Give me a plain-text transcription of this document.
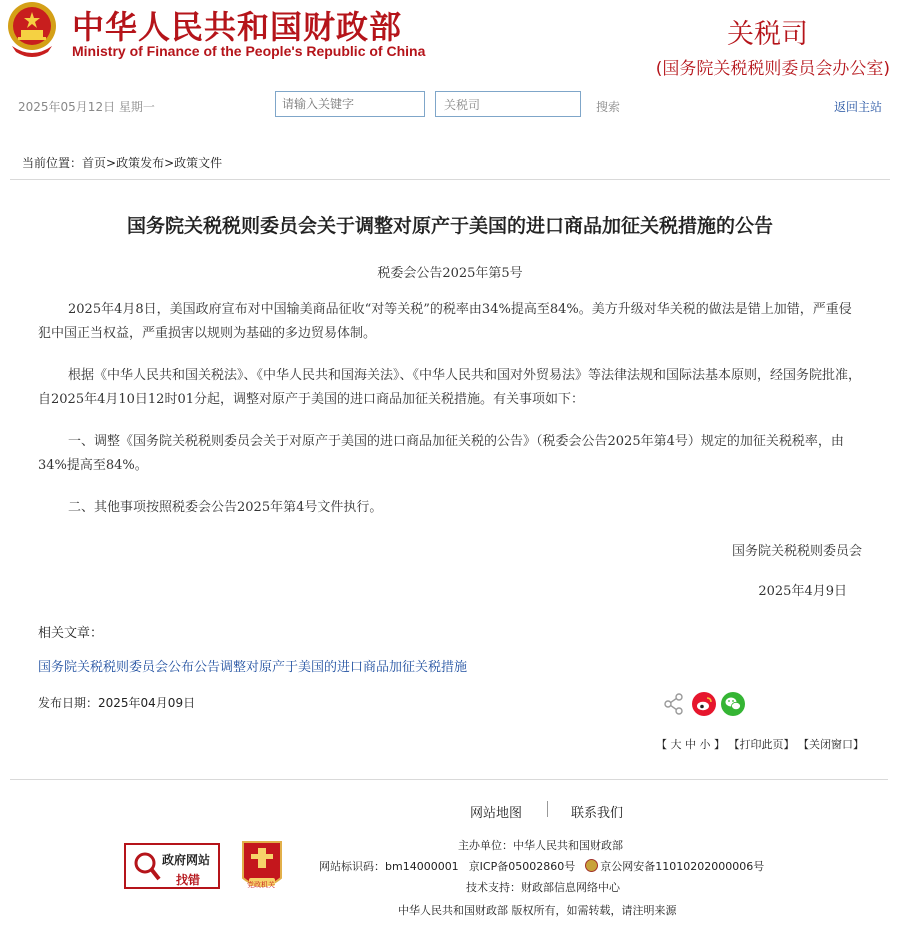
中华人民共和国财政部
Ministry of Finance of the People's Republic of China
关税司
(国务院关税税则委员会办公室)
2025年05月12日 星期一
请输入关键字
关税司	搜索	返回主站
当前位置：首页>政策发布>政策文件
国务院关税税则委员会关于调整对原产于美国的进口商品加征关税措施的公告
税委会公告2025年第5号
2025年4月8日，美国政府宣布对中国输美商品征收“对等关税”的税率由34%提高至84%。美方升级对华关税的做法是错上加错，严重侵犯中国正当权益，严重损害以规则为基础的多边贸易体制。
根据《中华人民共和国关税法》、《中华人民共和国海关法》、《中华人民共和国对外贸易法》等法律法规和国际法基本原则，经国务院批准，自2025年4月10日12时01分起，调整对原产于美国的进口商品加征关税措施。有关事项如下：
一、调整《国务院关税税则委员会关于对原产于美国的进口商品加征关税的公告》（税委会公告2025年第4号）规定的加征关税税率，由34%提高至84%。
二、其他事项按照税委会公告2025年第4号文件执行。
国务院关税税则委员会
2025年4月9日
相关文章：
国务院关税税则委员会公布公告调整对原产于美国的进口商品加征关税措施
发布日期：2025年04月09日
【 大 中 小 】 【打印此页】 【关闭窗口】
网站地图	联系我们
政府网站
找错	党政机关
主办单位：中华人民共和国财政部
网站标识码：bm14000001 京ICP备05002860号 京公网安备11010202000006号
技术支持：财政部信息网络中心
中华人民共和国财政部 版权所有，如需转载，请注明来源
